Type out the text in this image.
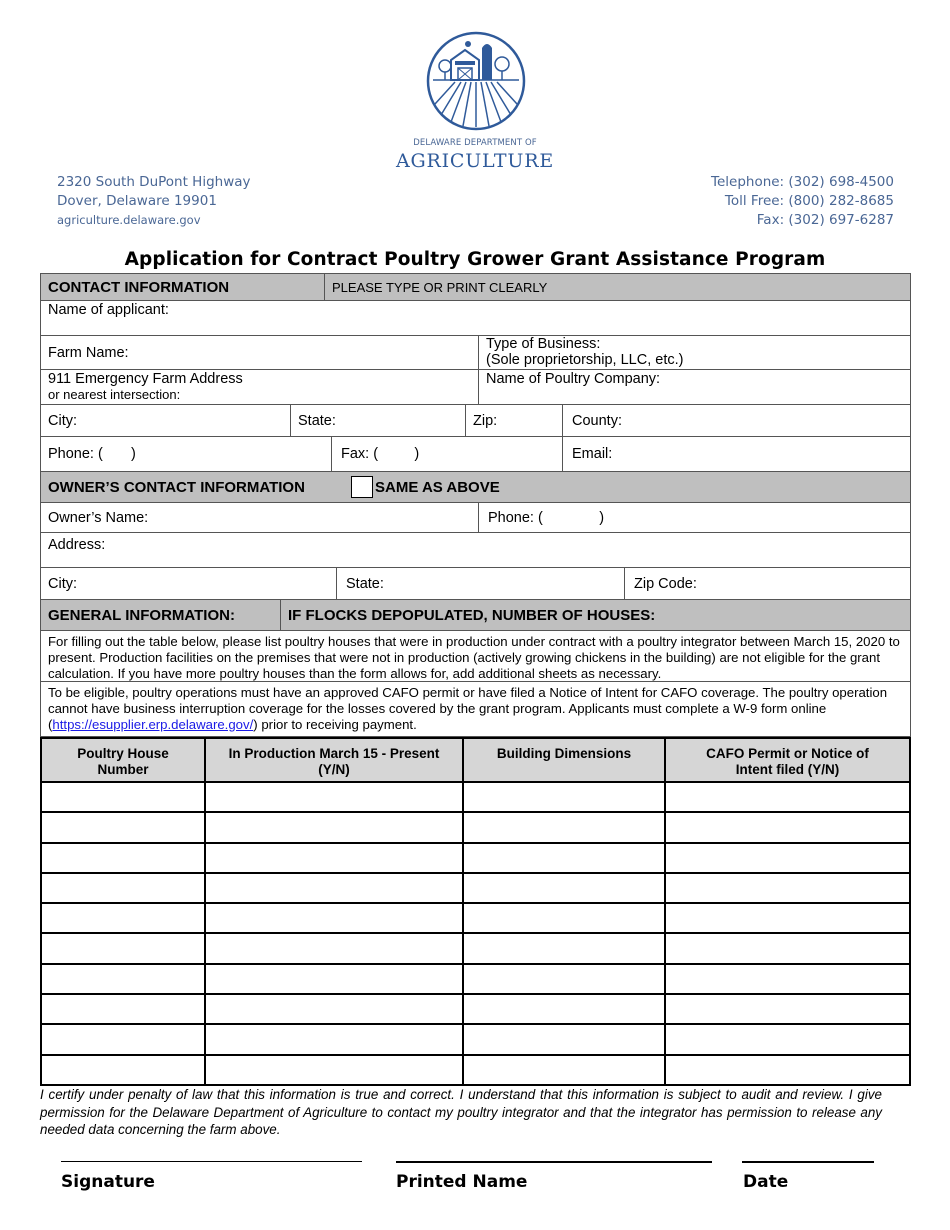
DELAWARE DEPARTMENT OF
AGRICULTURE
2320 South DuPont Highway
Dover, Delaware 19901
agriculture.delaware.gov
Telephone: (302) 698-4500
Toll Free: (800) 282-8685
Fax: (302) 697-6287
Application for Contract Poultry Grower Grant Assistance Program
CONTACT INFORMATION	PLEASE TYPE OR PRINT CLEARLY
Name of applicant:
Farm Name:
Type of Business:
(Sole proprietorship, LLC, etc.)
911 Emergency Farm Address
or nearest intersection:
Name of Poultry Company:
City:	State:	Zip:	County:
Phone: (       )	Fax: (         )	Email:
OWNER’S CONTACT INFORMATION	SAME AS ABOVE
Owner’s Name:	Phone: (              )
Address:
City:	State:	Zip Code:
GENERAL INFORMATION:	IF FLOCKS DEPOPULATED, NUMBER OF HOUSES:
For filling out the table below, please list poultry houses that were in production under contract with a poultry integrator between March 15, 2020 to present. Production facilities on the premises that were not in production (actively growing chickens in the building) are not eligible for the grant calculation. If you have more poultry houses than the form allows for, add additional sheets as necessary.
To be eligible, poultry operations must have an approved CAFO permit or have filed a Notice of Intent for CAFO coverage. The poultry operation cannot have business interruption coverage for the losses covered by the grant program. Applicants must complete a W-9 form online (https://esupplier.erp.delaware.gov/) prior to receiving payment.
Poultry House Number	In Production March 15 - Present (Y/N)	Building Dimensions	CAFO Permit or Notice of Intent filed (Y/N)

I certify under penalty of law that this information is true and correct. I understand that this information is subject to audit and review. I give permission for the Delaware Department of Agriculture to contact my poultry integrator and that the integrator has permission to release any needed data concerning the farm above.
Signature	Printed Name	Date
